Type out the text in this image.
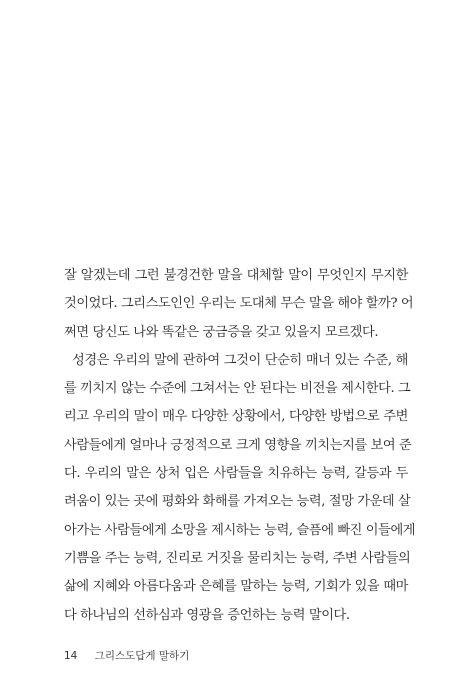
잘 알겠는데 그런 불경건한 말을 대체할 말이 무엇인지 무지한
것이었다. 그리스도인인 우리는 도대체 무슨 말을 해야 할까? 어
쩌면 당신도 나와 똑같은 궁금증을 갖고 있을지 모르겠다.
성경은 우리의 말에 관하여 그것이 단순히 매너 있는 수준, 해
를 끼치지 않는 수준에 그쳐서는 안 된다는 비전을 제시한다. 그
리고 우리의 말이 매우 다양한 상황에서, 다양한 방법으로 주변
사람들에게 얼마나 긍정적으로 크게 영향을 끼치는지를 보여 준
다. 우리의 말은 상처 입은 사람들을 치유하는 능력, 갈등과 두
려움이 있는 곳에 평화와 화해를 가져오는 능력, 절망 가운데 살
아가는 사람들에게 소망을 제시하는 능력, 슬픔에 빠진 이들에게
기쁨을 주는 능력, 진리로 거짓을 물리치는 능력, 주변 사람들의
삶에 지혜와 아름다움과 은혜를 말하는 능력, 기회가 있을 때마
다 하나님의 선하심과 영광을 증언하는 능력 말이다.
14 그리스도답게 말하기
